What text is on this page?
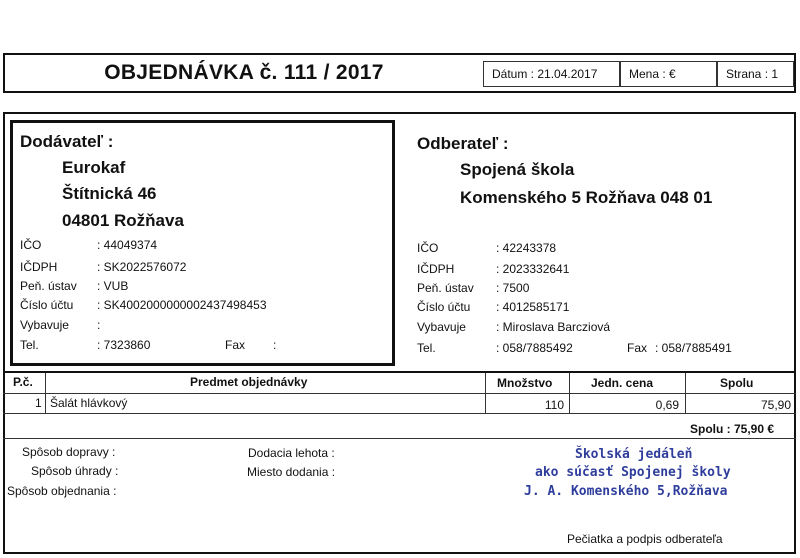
OBJEDNÁVKA č. 111 / 2017	Dátum : 21.04.2017	Mena : €	Strana : 1
Dodávateľ :
Eurokaf
Štítnická 46
04801 Rožňava
IČO	: 44049374
IČDPH	: SK2022576072
Peň. ústav : VUB
Číslo účtu : SK4002000000002437498453
Vybavuje :
Tel.	: 7323860	Fax :
Odberateľ :
Spojená škola
Komenského 5 Rožňava 048 01
IČO	: 42243378
IČDPH	: 2023332641
Peň. ústav : 7500
Číslo účtu : 4012585171
Vybavuje	: Miroslava Barcziová
Tel.	: 058/7885492	Fax : 058/7885491
P.č.	Predmet objednávky	Množstvo	Jedn. cena	Spolu
1 Šalát hlávkový	110	0,69	75,90
Spolu : 75,90 €
Spôsob dopravy :
Spôsob úhrady :
Spôsob objednania :
Dodacia lehota :
Miesto dodania :
Školská jedáleň
ako súčasť Spojenej školy
J. A. Komenského 5,Rožňava
Pečiatka a podpis odberateľa
